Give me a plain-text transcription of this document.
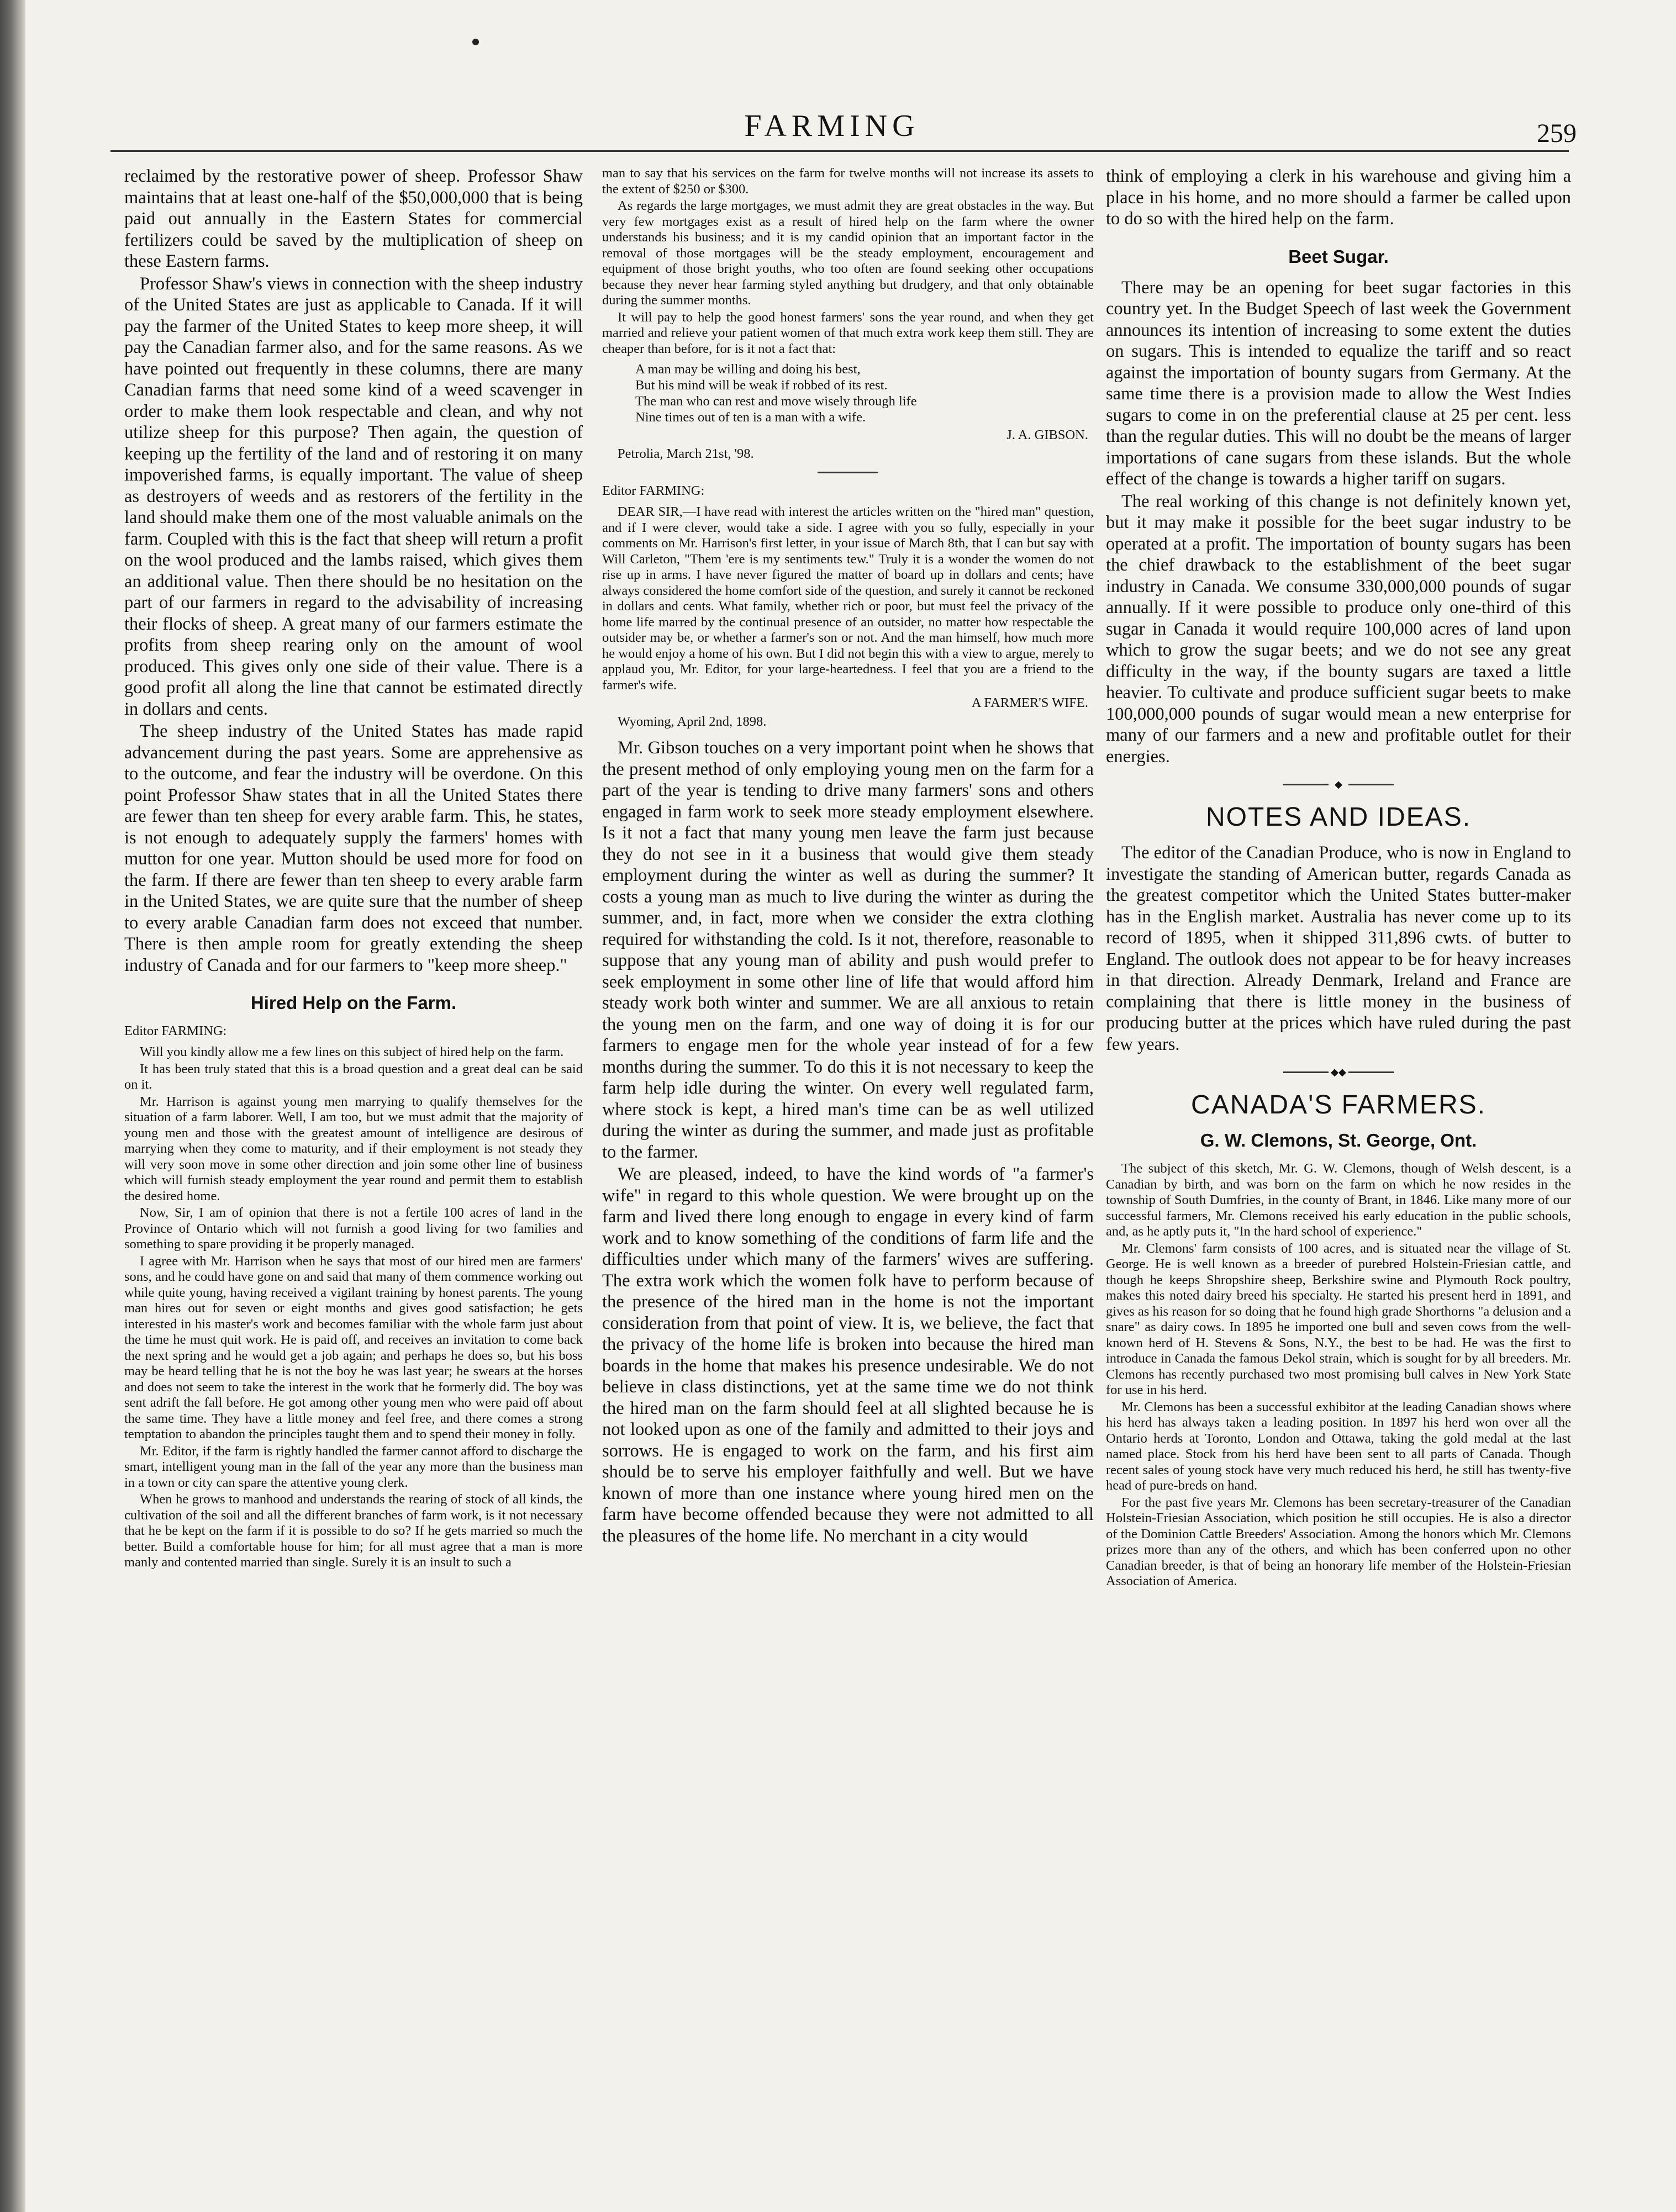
FARMING	259

reclaimed by the restorative power of sheep. Professor Shaw maintains that at least one-half of the $50,000,000 that is being paid out annually in the Eastern States for commercial fertilizers could be saved by the multiplication of sheep on these Eastern farms.

Professor Shaw's views in connection with the sheep industry of the United States are just as applicable to Canada. If it will pay the farmer of the United States to keep more sheep, it will pay the Canadian farmer also, and for the same reasons. As we have pointed out frequently in these columns, there are many Canadian farms that need some kind of a weed scavenger in order to make them look respectable and clean, and why not utilize sheep for this purpose? Then again, the question of keeping up the fertility of the land and of restoring it on many impoverished farms, is equally important. The value of sheep as destroyers of weeds and as restorers of the fertility in the land should make them one of the most valuable animals on the farm. Coupled with this is the fact that sheep will return a profit on the wool produced and the lambs raised, which gives them an additional value. Then there should be no hesitation on the part of our farmers in regard to the advisability of increasing their flocks of sheep. A great many of our farmers estimate the profits from sheep rearing only on the amount of wool produced. This gives only one side of their value. There is a good profit all along the line that cannot be estimated directly in dollars and cents.

The sheep industry of the United States has made rapid advancement during the past years. Some are apprehensive as to the outcome, and fear the industry will be overdone. On this point Professor Shaw states that in all the United States there are fewer than ten sheep for every arable farm. This, he states, is not enough to adequately supply the farmers' homes with mutton for one year. Mutton should be used more for food on the farm. If there are fewer than ten sheep to every arable farm in the United States, we are quite sure that the number of sheep to every arable Canadian farm does not exceed that number. There is then ample room for greatly extending the sheep industry of Canada and for our farmers to "keep more sheep."

Hired Help on the Farm.
Editor FARMING:

Will you kindly allow me a few lines on this subject of hired help on the farm.

It has been truly stated that this is a broad question and a great deal can be said on it.

Mr. Harrison is against young men marrying to qualify themselves for the situation of a farm laborer. Well, I am too, but we must admit that the majority of young men and those with the greatest amount of intelligence are desirous of marrying when they come to maturity, and if their employment is not steady they will very soon move in some other direction and join some other line of business which will furnish steady employment the year round and permit them to establish the desired home.

Now, Sir, I am of opinion that there is not a fertile 100 acres of land in the Province of Ontario which will not furnish a good living for two families and something to spare providing it be properly managed.

I agree with Mr. Harrison when he says that most of our hired men are farmers' sons, and he could have gone on and said that many of them commence working out while quite young, having received a vigilant training by honest parents. The young man hires out for seven or eight months and gives good satisfaction; he gets interested in his master's work and becomes familiar with the whole farm just about the time he must quit work. He is paid off, and receives an invitation to come back the next spring and he would get a job again; and perhaps he does so, but his boss may be heard telling that he is not the boy he was last year; he swears at the horses and does not seem to take the interest in the work that he formerly did. The boy was sent adrift the fall before. He got among other young men who were paid off about the same time. They have a little money and feel free, and there comes a strong temptation to abandon the principles taught them and to spend their money in folly.

Mr. Editor, if the farm is rightly handled the farmer cannot afford to discharge the smart, intelligent young man in the fall of the year any more than the business man in a town or city can spare the attentive young clerk.

When he grows to manhood and understands the rearing of stock of all kinds, the cultivation of the soil and all the different branches of farm work, is it not necessary that he be kept on the farm if it is possible to do so? If he gets married so much the better. Build a comfortable house for him; for all must agree that a man is more manly and contented married than single. Surely it is an insult to such a

man to say that his services on the farm for twelve months will not increase its assets to the extent of $250 or $300.

As regards the large mortgages, we must admit they are great obstacles in the way. But very few mortgages exist as a result of hired help on the farm where the owner understands his business; and it is my candid opinion that an important factor in the removal of those mortgages will be the steady employment, encouragement and equipment of those bright youths, who too often are found seeking other occupations because they never hear farming styled anything but drudgery, and that only obtainable during the summer months.

It will pay to help the good honest farmers' sons the year round, and when they get married and relieve your patient women of that much extra work keep them still. They are cheaper than before, for is it not a fact that:

A man may be willing and doing his best,
But his mind will be weak if robbed of its rest.
The man who can rest and move wisely through life
Nine times out of ten is a man with a wife.
J. A. GIBSON.
Petrolia, March 21st, '98.
Editor FARMING:

DEAR SIR,—I have read with interest the articles written on the "hired man" question, and if I were clever, would take a side. I agree with you so fully, especially in your comments on Mr. Harrison's first letter, in your issue of March 8th, that I can but say with Will Carleton, "Them 'ere is my sentiments tew." Truly it is a wonder the women do not rise up in arms. I have never figured the matter of board up in dollars and cents; have always considered the home comfort side of the question, and surely it cannot be reckoned in dollars and cents. What family, whether rich or poor, but must feel the privacy of the home life marred by the continual presence of an outsider, no matter how respectable the outsider may be, or whether a farmer's son or not. And the man himself, how much more he would enjoy a home of his own. But I did not begin this with a view to argue, merely to applaud you, Mr. Editor, for your large-heartedness. I feel that you are a friend to the farmer's wife.

A FARMER'S WIFE.
Wyoming, April 2nd, 1898.

Mr. Gibson touches on a very important point when he shows that the present method of only employing young men on the farm for a part of the year is tending to drive many farmers' sons and others engaged in farm work to seek more steady employment elsewhere. Is it not a fact that many young men leave the farm just because they do not see in it a business that would give them steady employment during the winter as well as during the summer? It costs a young man as much to live during the winter as during the summer, and, in fact, more when we consider the extra clothing required for withstanding the cold. Is it not, therefore, reasonable to suppose that any young man of ability and push would prefer to seek employment in some other line of life that would afford him steady work both winter and summer. We are all anxious to retain the young men on the farm, and one way of doing it is for our farmers to engage men for the whole year instead of for a few months during the summer. To do this it is not necessary to keep the farm help idle during the winter. On every well regulated farm, where stock is kept, a hired man's time can be as well utilized during the winter as during the summer, and made just as profitable to the farmer.

We are pleased, indeed, to have the kind words of "a farmer's wife" in regard to this whole question. We were brought up on the farm and lived there long enough to engage in every kind of farm work and to know something of the conditions of farm life and the difficulties under which many of the farmers' wives are suffering. The extra work which the women folk have to perform because of the presence of the hired man in the home is not the important consideration from that point of view. It is, we believe, the fact that the privacy of the home life is broken into because the hired man boards in the home that makes his presence undesirable. We do not believe in class distinctions, yet at the same time we do not think the hired man on the farm should feel at all slighted because he is not looked upon as one of the family and admitted to their joys and sorrows. He is engaged to work on the farm, and his first aim should be to serve his employer faithfully and well. But we have known of more than one instance where young hired men on the farm have become offended because they were not admitted to all the pleasures of the home life. No merchant in a city would

think of employing a clerk in his warehouse and giving him a place in his home, and no more should a farmer be called upon to do so with the hired help on the farm.

Beet Sugar.

There may be an opening for beet sugar factories in this country yet. In the Budget Speech of last week the Government announces its intention of increasing to some extent the duties on sugars. This is intended to equalize the tariff and so react against the importation of bounty sugars from Germany. At the same time there is a provision made to allow the West Indies sugars to come in on the preferential clause at 25 per cent. less than the regular duties. This will no doubt be the means of larger importations of cane sugars from these islands. But the whole effect of the change is towards a higher tariff on sugars.

The real working of this change is not definitely known yet, but it may make it possible for the beet sugar industry to be operated at a profit. The importation of bounty sugars has been the chief drawback to the establishment of the beet sugar industry in Canada. We consume 330,000,000 pounds of sugar annually. If it were possible to produce only one-third of this sugar in Canada it would require 100,000 acres of land upon which to grow the sugar beets; and we do not see any great difficulty in the way, if the bounty sugars are taxed a little heavier. To cultivate and produce sufficient sugar beets to make 100,000,000 pounds of sugar would mean a new enterprise for many of our farmers and a new and profitable outlet for their energies.

◆
NOTES AND IDEAS.

The editor of the Canadian Produce, who is now in England to investigate the standing of American butter, regards Canada as the greatest competitor which the United States butter-maker has in the English market. Australia has never come up to its record of 1895, when it shipped 311,896 cwts. of butter to England. The outlook does not appear to be for heavy increases in that direction. Already Denmark, Ireland and France are complaining that there is little money in the business of producing butter at the prices which have ruled during the past few years.

◆◆
CANADA'S FARMERS.
G. W. Clemons, St. George, Ont.

The subject of this sketch, Mr. G. W. Clemons, though of Welsh descent, is a Canadian by birth, and was born on the farm on which he now resides in the township of South Dumfries, in the county of Brant, in 1846. Like many more of our successful farmers, Mr. Clemons received his early education in the public schools, and, as he aptly puts it, "In the hard school of experience."

Mr. Clemons' farm consists of 100 acres, and is situated near the village of St. George. He is well known as a breeder of purebred Holstein-Friesian cattle, and though he keeps Shropshire sheep, Berkshire swine and Plymouth Rock poultry, makes this noted dairy breed his specialty. He started his present herd in 1891, and gives as his reason for so doing that he found high grade Shorthorns "a delusion and a snare" as dairy cows. In 1895 he imported one bull and seven cows from the well-known herd of H. Stevens & Sons, N.Y., the best to be had. He was the first to introduce in Canada the famous Dekol strain, which is sought for by all breeders. Mr. Clemons has recently purchased two most promising bull calves in New York State for use in his herd.

Mr. Clemons has been a successful exhibitor at the leading Canadian shows where his herd has always taken a leading position. In 1897 his herd won over all the Ontario herds at Toronto, London and Ottawa, taking the gold medal at the last named place. Stock from his herd have been sent to all parts of Canada. Though recent sales of young stock have very much reduced his herd, he still has twenty-five head of pure-breds on hand.

For the past five years Mr. Clemons has been secretary-treasurer of the Canadian Holstein-Friesian Association, which position he still occupies. He is also a director of the Dominion Cattle Breeders' Association. Among the honors which Mr. Clemons prizes more than any of the others, and which has been conferred upon no other Canadian breeder, is that of being an honorary life member of the Holstein-Friesian Association of America.
